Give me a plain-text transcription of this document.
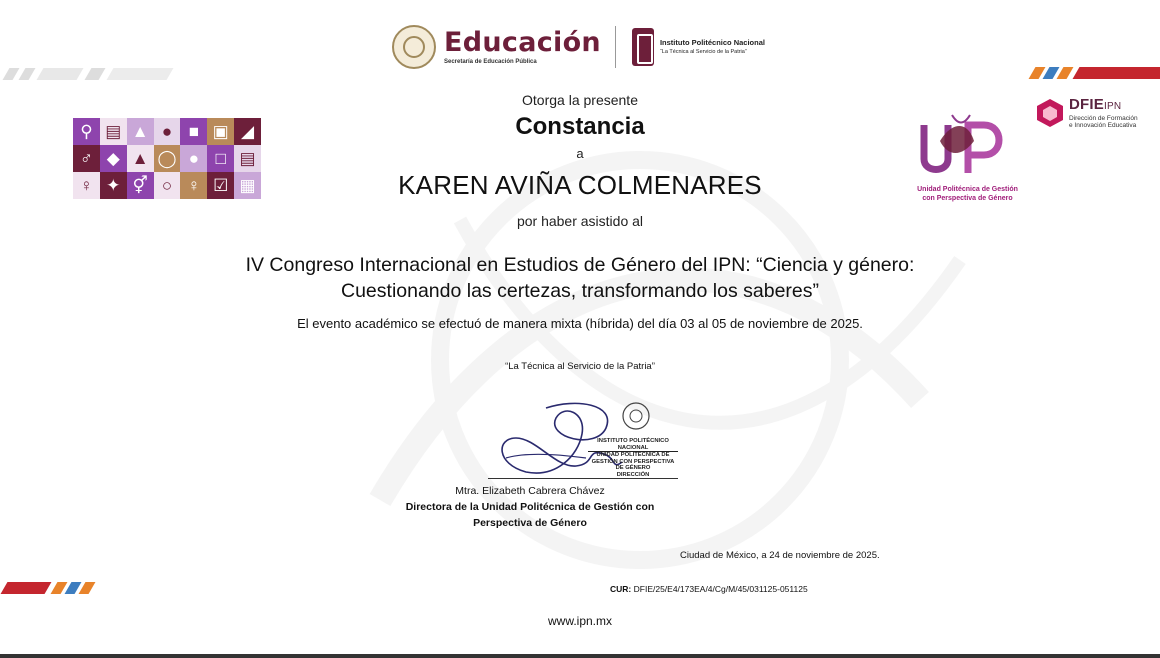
Educación
Secretaría de Educación Pública
Instituto Politécnico Nacional
“La Técnica al Servicio de la Patria”
⚲ ▤ ▲ ● ■ ▣ ◢
♂ ◆ ▲ ◯ ● □ ▤
♀ ✦ ⚥ ○ ♀ ☑ ▦	Unidad Politécnica de Gestión
con Perspectiva de Género
DFIEIPN
Dirección de Formación
e Innovación Educativa
Otorga la presente
Constancia
a
KAREN AVIÑA COLMENARES
por haber asistido al
IV Congreso Internacional en Estudios de Género del IPN: “Ciencia y género:
Cuestionando las certezas, transformando los saberes”
El evento académico se efectuó de manera mixta (híbrida) del día 03 al 05 de noviembre de 2025.
“La Técnica al Servicio de la Patria”
INSTITUTO POLITÉCNICO NACIONAL
UNIDAD POLITÉCNICA DE
GESTIÓN CON PERSPECTIVA
DE GÉNERO
DIRECCIÓN
Mtra. Elizabeth Cabrera Chávez
Directora de la Unidad Politécnica de Gestión con
Perspectiva de Género
Ciudad de México, a 24 de noviembre de 2025.
CUR: DFIE/25/E4/173EA/4/Cg/M/45/031125-051125
www.ipn.mx
